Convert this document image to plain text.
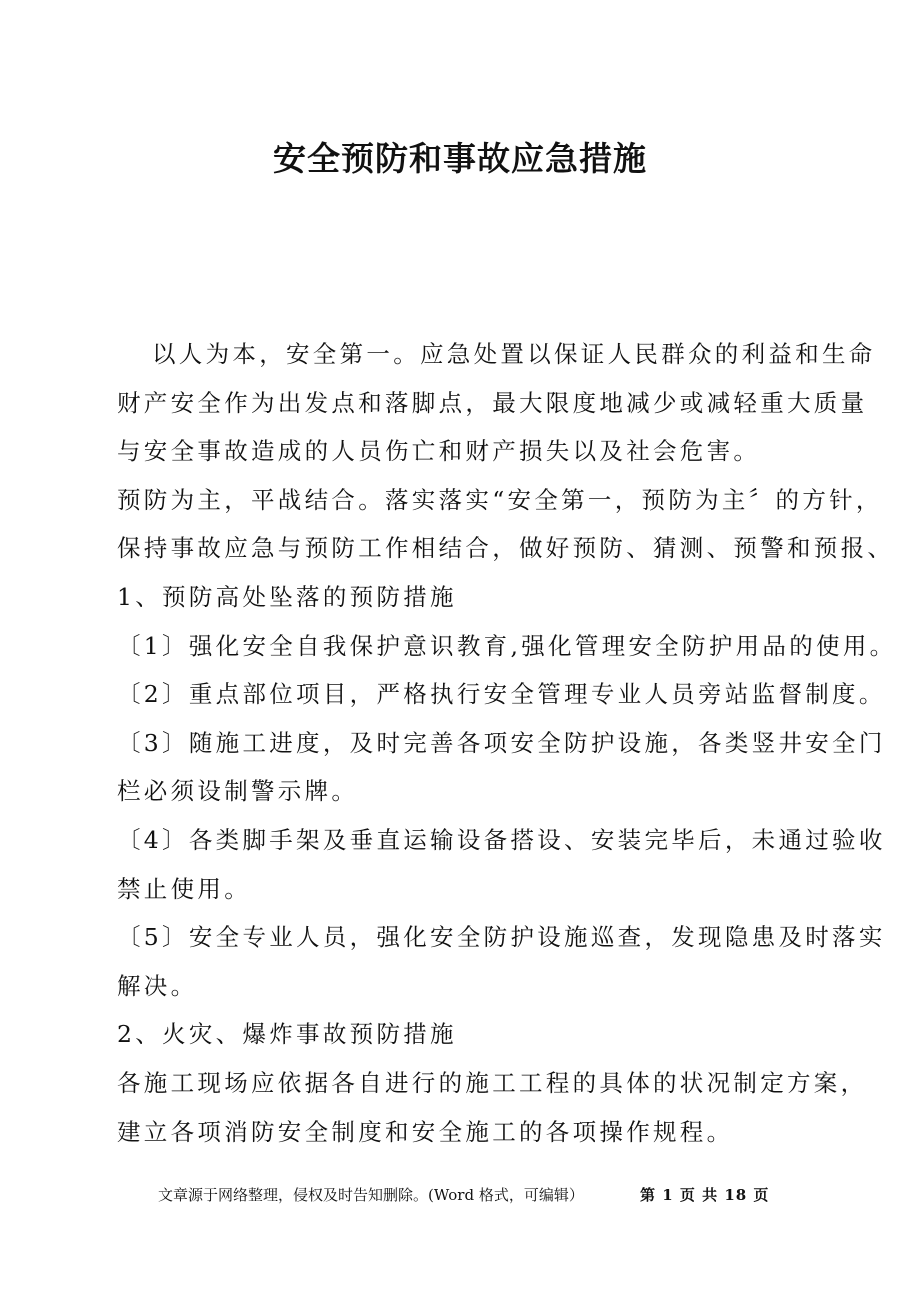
安全预防和事故应急措施
以人为本，安全第一。应急处置以保证人民群众的利益和生命
财产安全作为出发点和落脚点，最大限度地减少或减轻重大质量
与安全事故造成的人员伤亡和财产损失以及社会危害。
预防为主，平战结合。落实落实“安全第一，预防为主〞的方针，
保持事故应急与预防工作相结合，做好预防、猜测、预警和预报、
1、预防高处坠落的预防措施
〔1〕强化安全自我保护意识教育,强化管理安全防护用品的使用。
〔2〕重点部位项目，严格执行安全管理专业人员旁站监督制度。
〔3〕随施工进度，及时完善各项安全防护设施，各类竖井安全门
栏必须设制警示牌。
〔4〕各类脚手架及垂直运输设备搭设、安装完毕后，未通过验收
禁止使用。
〔5〕安全专业人员，强化安全防护设施巡查，发现隐患及时落实
解决。
2、火灾、爆炸事故预防措施
各施工现场应依据各自进行的施工工程的具体的状况制定方案，
建立各项消防安全制度和安全施工的各项操作规程。
文章源于网络整理，侵权及时告知删除。(Word 格式，可编辑）	第 1 页 共 18 页
